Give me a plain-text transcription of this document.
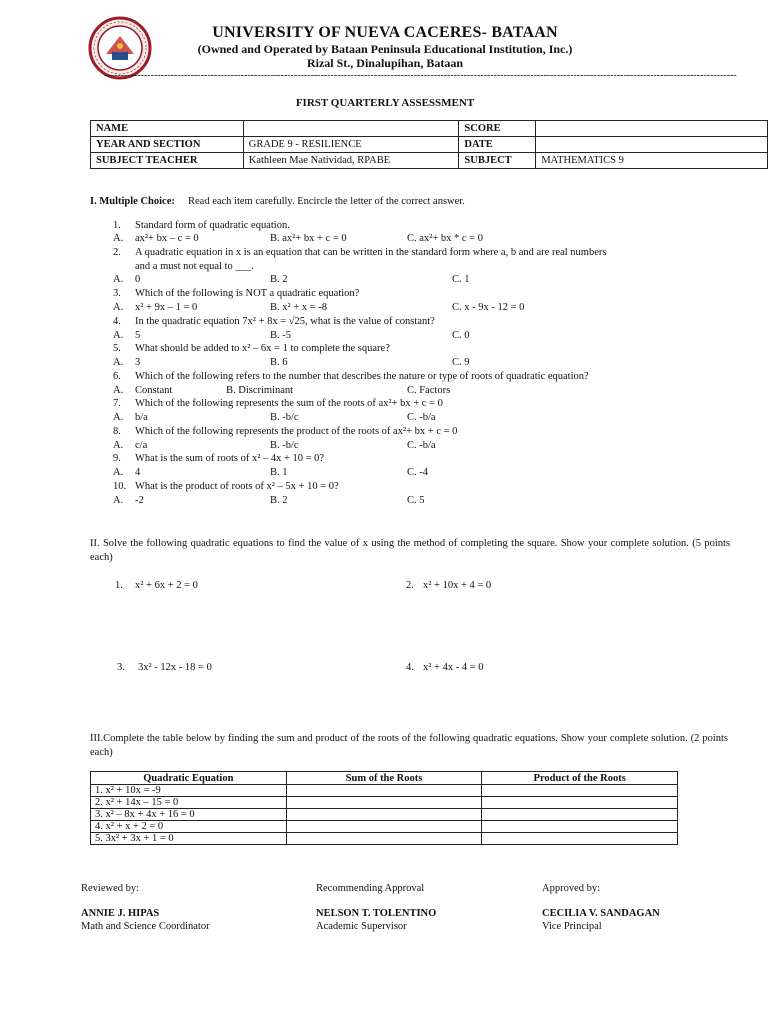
UNIVERSITY OF NUEVA CACERES- BATAAN
(Owned and Operated by Bataan Peninsula Educational Institution, Inc.)
Rizal St., Dinalupihan, Bataan
----------------------------------------------------------------------------------------------------------------------------------------------------------------------------------------------
FIRST QUARTERLY ASSESSMENT
NAME		SCORE	
YEAR AND SECTION	GRADE 9 - RESILIENCE	DATE	
SUBJECT TEACHER	Kathleen Mae Natividad, RPABE	SUBJECT	MATHEMATICS 9
I. Multiple Choice: Read each item carefully. Encircle the letter of the correct answer.
1. Standard form of quadratic equation.
A. ax²+ bx – c = 0	B. ax²+ bx + c = 0	C. ax²+ bx * c = 0
2. A quadratic equation in x is an equation that can be written in the standard form where a, b and are real numbers
and a must not equal to ___.
A. 0	B. 2	C. 1
3. Which of the following is NOT a quadratic equation?
A. x² + 9x – 1 = 0	B. x² + x = -8	C. x - 9x - 12 = 0
4. In the quadratic equation 7x² + 8x = √25, what is the value of constant?
A. 5	B. -5	C. 0
5. What should be added to x² – 6x = 1 to complete the square?
A. 3	B. 6	C. 9
6. Which of the following refers to the number that describes the nature or type of roots of quadratic equation?
A. Constant	B. Discriminant	C. Factors
7. Which of the following represents the sum of the roots of ax²+ bx + c = 0
A. b/a	B. -b/c	C. -b/a
8. Which of the following represents the product of the roots of ax²+ bx + c = 0
A. c/a	B. -b/c	C. -b/a
9. What is the sum of roots of x² – 4x + 10 = 0?
A. 4	B. 1	C. -4
10. What is the product of roots of x² – 5x + 10 = 0?
A. -2	B. 2	C. 5
II. Solve the following quadratic equations to find the value of x using the method of completing the square. Show your complete solution. (5 points each)
1. x² + 6x + 2 = 0	2. x² + 10x + 4 = 0
3. 3x² - 12x - 18 = 0	4. x² + 4x - 4 = 0
III.Complete the table below by finding the sum and product of the roots of the following quadratic equations. Show your complete solution. (2 points each)
Quadratic Equation	Sum of the Roots	Product of the Roots
1. x² + 10x = -9		
2. x² + 14x – 15 = 0		
3. x² – 8x + 4x + 16 = 0		
4. x² + x + 2 = 0		
5. 3x² + 3x + 1 = 0		
Reviewed by:
ANNIE J. HIPAS
Math and Science Coordinator
Recommending Approval
NELSON T. TOLENTINO
Academic Supervisor
Approved by:
CECILIA V. SANDAGAN
Vice Principal
